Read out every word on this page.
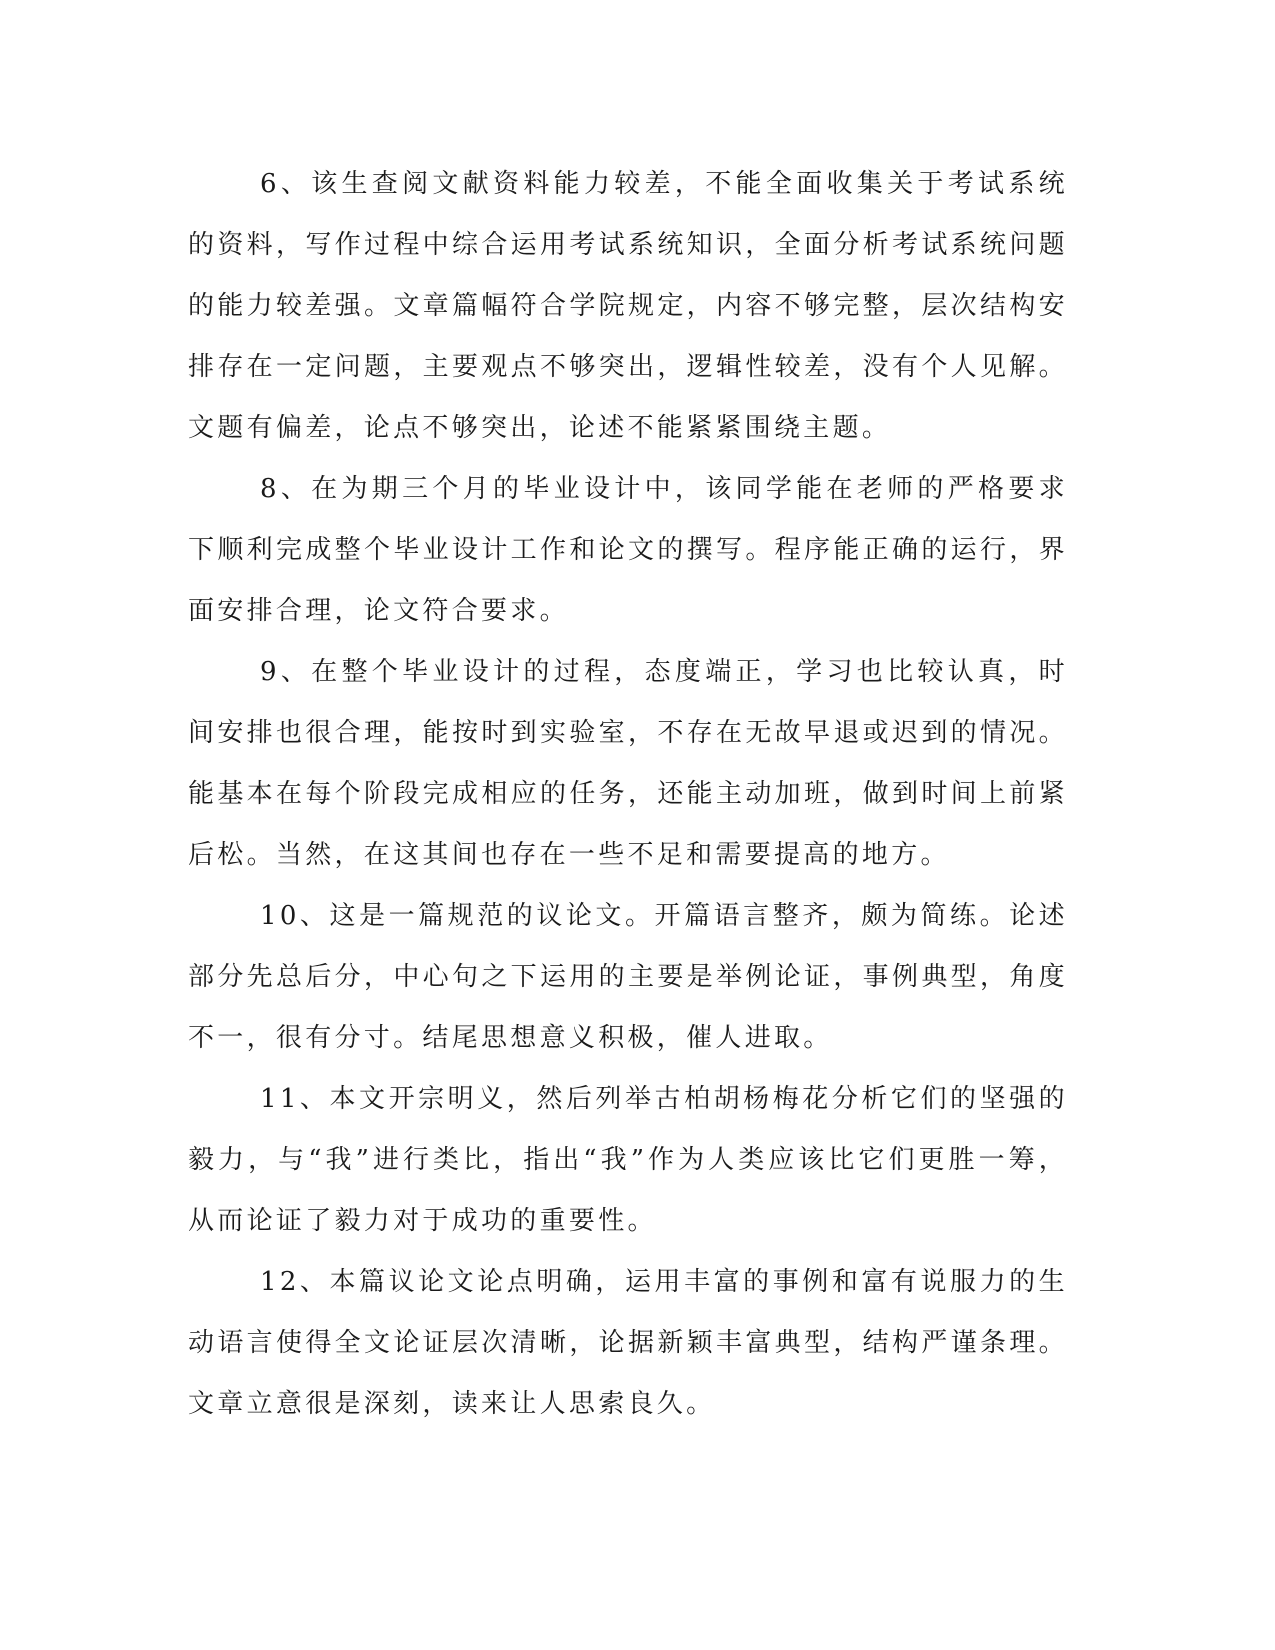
6、该生查阅文献资料能力较差，不能全面收集关于考试系统的资料，写作过程中综合运用考试系统知识，全面分析考试系统问题的能力较差强。文章篇幅符合学院规定，内容不够完整，层次结构安排存在一定问题，主要观点不够突出，逻辑性较差，没有个人见解。文题有偏差，论点不够突出，论述不能紧紧围绕主题。

8、在为期三个月的毕业设计中，该同学能在老师的严格要求下顺利完成整个毕业设计工作和论文的撰写。程序能正确的运行，界面安排合理，论文符合要求。

9、在整个毕业设计的过程，态度端正，学习也比较认真，时间安排也很合理，能按时到实验室，不存在无故早退或迟到的情况。能基本在每个阶段完成相应的任务，还能主动加班，做到时间上前紧后松。当然，在这其间也存在一些不足和需要提高的地方。

10、这是一篇规范的议论文。开篇语言整齐，颇为简练。论述部分先总后分，中心句之下运用的主要是举例论证，事例典型，角度不一，很有分寸。结尾思想意义积极，催人进取。

11、本文开宗明义，然后列举古柏胡杨梅花分析它们的坚强的毅力，与“我”进行类比，指出“我”作为人类应该比它们更胜一筹，从而论证了毅力对于成功的重要性。

12、本篇议论文论点明确，运用丰富的事例和富有说服力的生动语言使得全文论证层次清晰，论据新颖丰富典型，结构严谨条理。文章立意很是深刻，读来让人思索良久。
